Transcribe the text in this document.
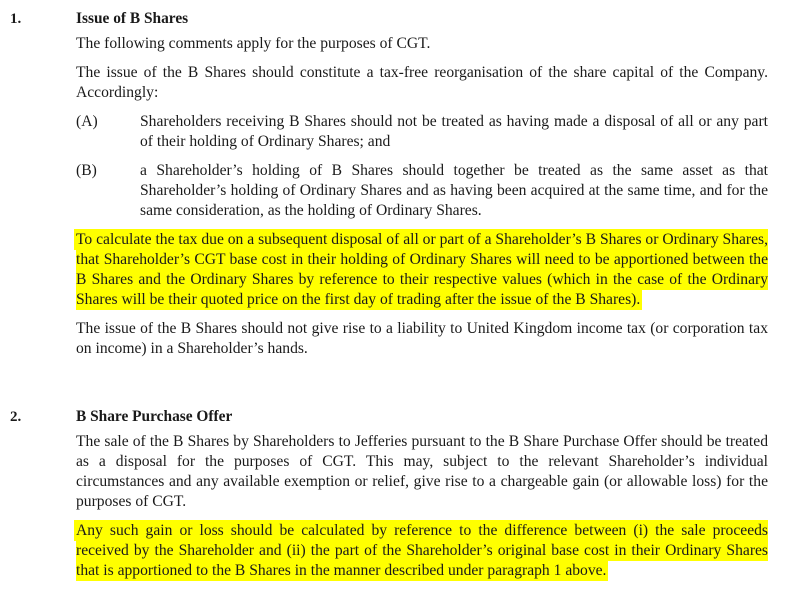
1.	Issue of B Shares

The following comments apply for the purposes of CGT.

The issue of the B Shares should constitute a tax-free reorganisation of the share capital of the Company. Accordingly:

(A)	Shareholders receiving B Shares should not be treated as having made a disposal of all or any part of their holding of Ordinary Shares; and
(B)	a Shareholder’s holding of B Shares should together be treated as the same asset as that Shareholder’s holding of Ordinary Shares and as having been acquired at the same time, and for the same consideration, as the holding of Ordinary Shares.

To calculate the tax due on a subsequent disposal of all or part of a Shareholder’s B Shares or Ordinary Shares, that Shareholder’s CGT base cost in their holding of Ordinary Shares will need to be apportioned between the B Shares and the Ordinary Shares by reference to their respective values (which in the case of the Ordinary Shares will be their quoted price on the first day of trading after the issue of the B Shares).

The issue of the B Shares should not give rise to a liability to United Kingdom income tax (or corporation tax on income) in a Shareholder’s hands.

2.	B Share Purchase Offer

The sale of the B Shares by Shareholders to Jefferies pursuant to the B Share Purchase Offer should be treated as a disposal for the purposes of CGT. This may, subject to the relevant Shareholder’s individual circumstances and any available exemption or relief, give rise to a chargeable gain (or allowable loss) for the purposes of CGT.

Any such gain or loss should be calculated by reference to the difference between (i) the sale proceeds received by the Shareholder and (ii) the part of the Shareholder’s original base cost in their Ordinary Shares that is apportioned to the B Shares in the manner described under paragraph 1 above.
